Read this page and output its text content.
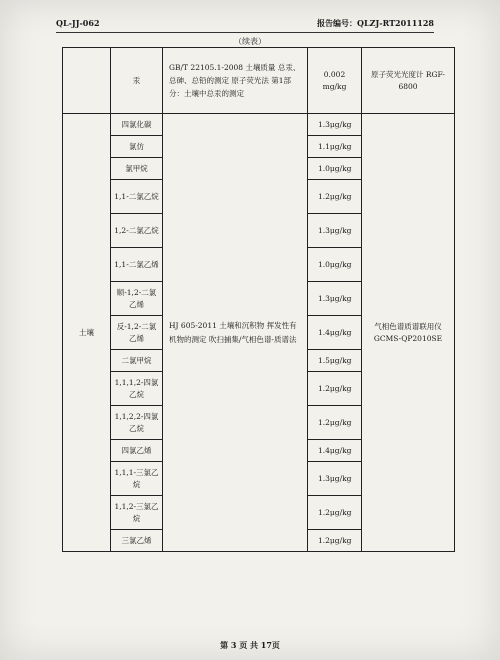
QL-JJ-062	报告编号：QLZJ-RT2011128
（续表）
	汞	GB/T 22105.1-2008 土壤质量 总汞、总砷、总铅的测定 原子荧光法 第1部分：土壤中总汞的测定	0.002 mg/kg	原子荧光光度计 RGF-6800
土壤	四氯化碳	HJ 605-2011 土壤和沉积物 挥发性有机物的测定 吹扫捕集/气相色谱-质谱法	1.3μg/kg	气相色谱质谱联用仪 GCMS-QP2010SE
	氯仿		1.1μg/kg	
	氯甲烷		1.0μg/kg	
	1,1-二氯乙烷		1.2μg/kg	
	1,2-二氯乙烷		1.3μg/kg	
	1,1-二氯乙烯		1.0μg/kg	
	顺-1,2-二氯乙烯		1.3μg/kg	
	反-1,2-二氯乙烯		1.4μg/kg	
	二氯甲烷		1.5μg/kg	
	1,1,1,2-四氯乙烷		1.2μg/kg	
	1,1,2,2-四氯乙烷		1.2μg/kg	
	四氯乙烯		1.4μg/kg	
	1,1,1-三氯乙烷		1.3μg/kg	
	1,1,2-三氯乙烷		1.2μg/kg	
	三氯乙烯		1.2μg/kg	
第 3 页 共 17页
